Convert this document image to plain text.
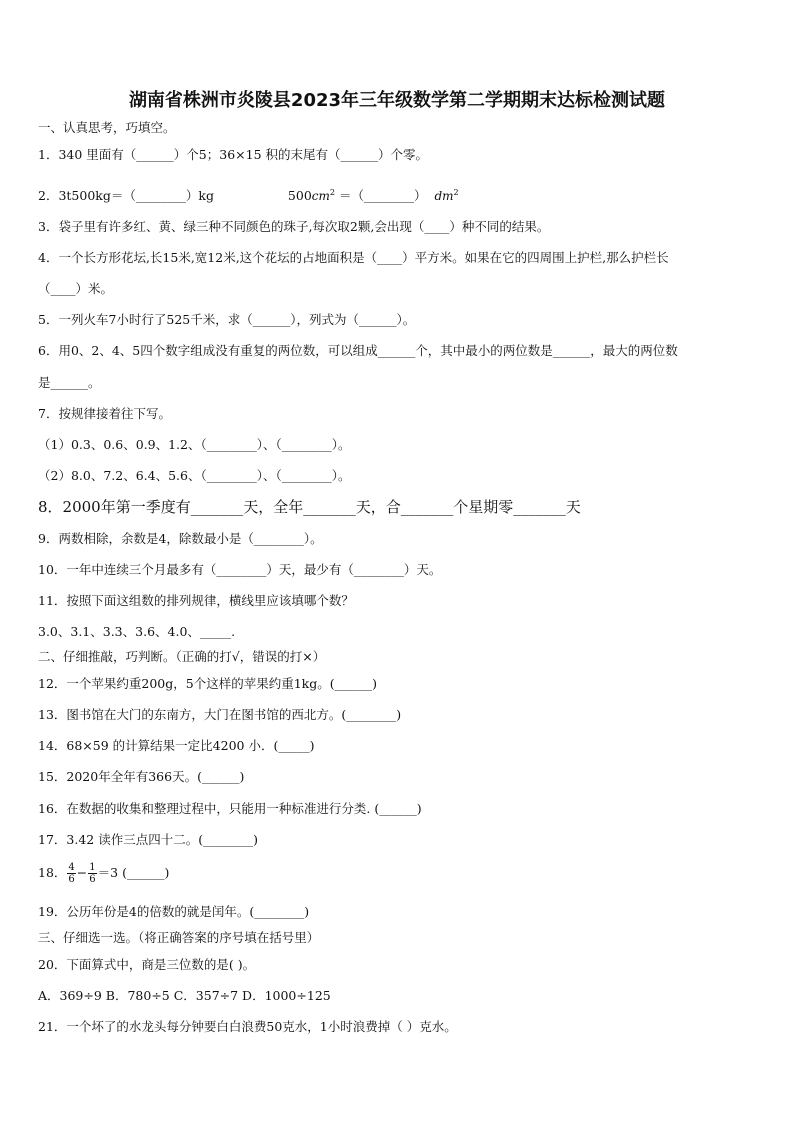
湖南省株洲市炎陵县2023年三年级数学第二学期期末达标检测试题
一、认真思考，巧填空。
1．340 里面有（______）个5；36×15 积的末尾有（______）个零。
2．3t500kg＝（________）kg	$500cm^2$ ＝（________） $dm^2$
3．袋子里有许多红、黄、绿三种不同颜色的珠子,每次取2颗,会出现（____）种不同的结果。
4．一个长方形花坛,长15米,宽12米,这个花坛的占地面积是（____）平方米。如果在它的四周围上护栏,那么护栏长
（____）米。
5．一列火车7小时行了525千米，求（______），列式为（______）。
6．用0、2、4、5四个数字组成没有重复的两位数，可以组成______个，其中最小的两位数是______，最大的两位数
是______。
7．按规律接着往下写。
（1）0.3、0.6、0.9、1.2、（________）、（________）。
（2）8.0、7.2、6.4、5.6、（________）、（________）。
8．2000年第一季度有_______天，全年_______天，合_______个星期零_______天
9．两数相除，余数是4，除数最小是（________）。
10．一年中连续三个月最多有（________）天，最少有（________）天。
11．按照下面这组数的排列规律，横线里应该填哪个数？
3.0、3.1、3.3、3.6、4.0、_____.
二、仔细推敲，巧判断。（正确的打√，错误的打×）
12．一个苹果约重200g，5个这样的苹果约重1kg。(______)
13．图书馆在大门的东南方，大门在图书馆的西北方。(________)
14．68×59 的计算结果一定比4200 小．(_____)
15．2020年全年有366天。(______)
16．在数据的收集和整理过程中，只能用一种标准进行分类. (______)
17．3.42 读作三点四十二。(________)
18． $\frac{4}{6} - \frac{1}{6} =3$ (______)
19．公历年份是4的倍数的就是闰年。(________)
三、仔细选一选。（将正确答案的序号填在括号里）
20．下面算式中，商是三位数的是( )。
A．369÷9 B．780÷5 C．357÷7 D．1000÷125
21．一个坏了的水龙头每分钟要白白浪费50克水，1小时浪费掉（ ）克水。
